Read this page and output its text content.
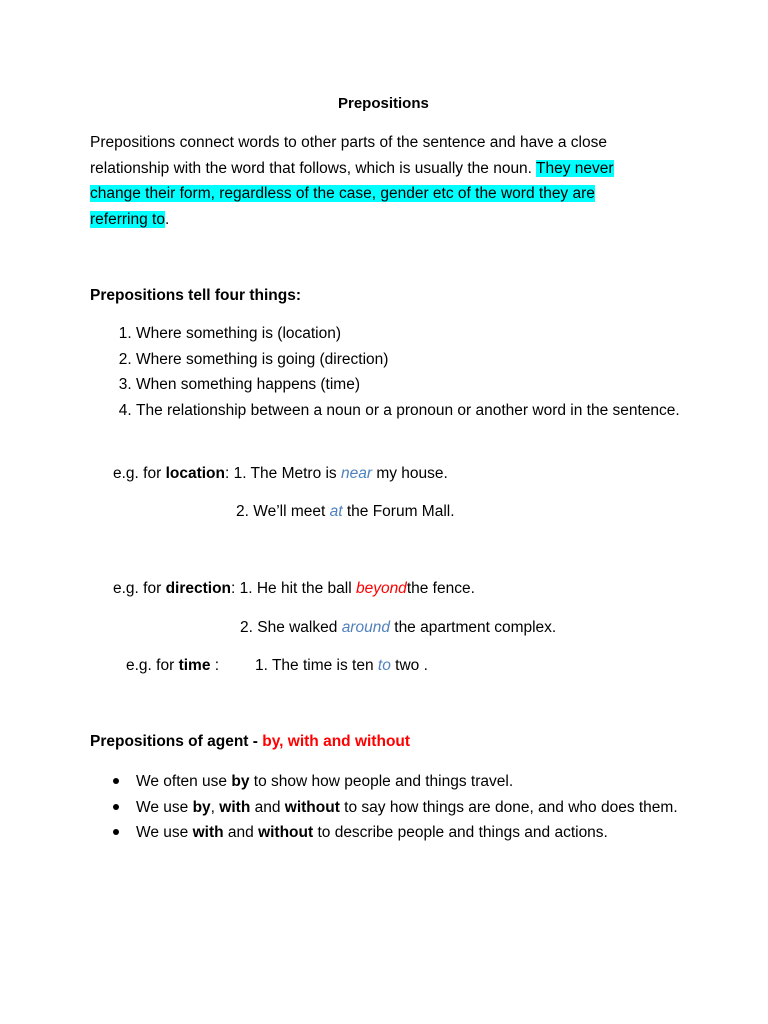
Prepositions
Prepositions connect words to other parts of the sentence and have a close relationship with the word that follows, which is usually the noun. They never change their form, regardless of the case, gender etc of the word they are referring to.
Prepositions tell four things:
1. Where something is (location)
2. Where something is going (direction)
3. When something happens (time)
4. The relationship between a noun or a pronoun or another word in the sentence.
e.g. for location: 1. The Metro is near my house.
2. We’ll meet at the Forum Mall.
e.g. for direction: 1. He hit the ball beyondthe fence.
2. She walked around the apartment complex.
e.g. for time : 1. The time is ten to two .
Prepositions of agent - by, with and without
We often use by to show how people and things travel.
We use by, with and without to say how things are done, and who does them.
We use with and without to describe people and things and actions.
